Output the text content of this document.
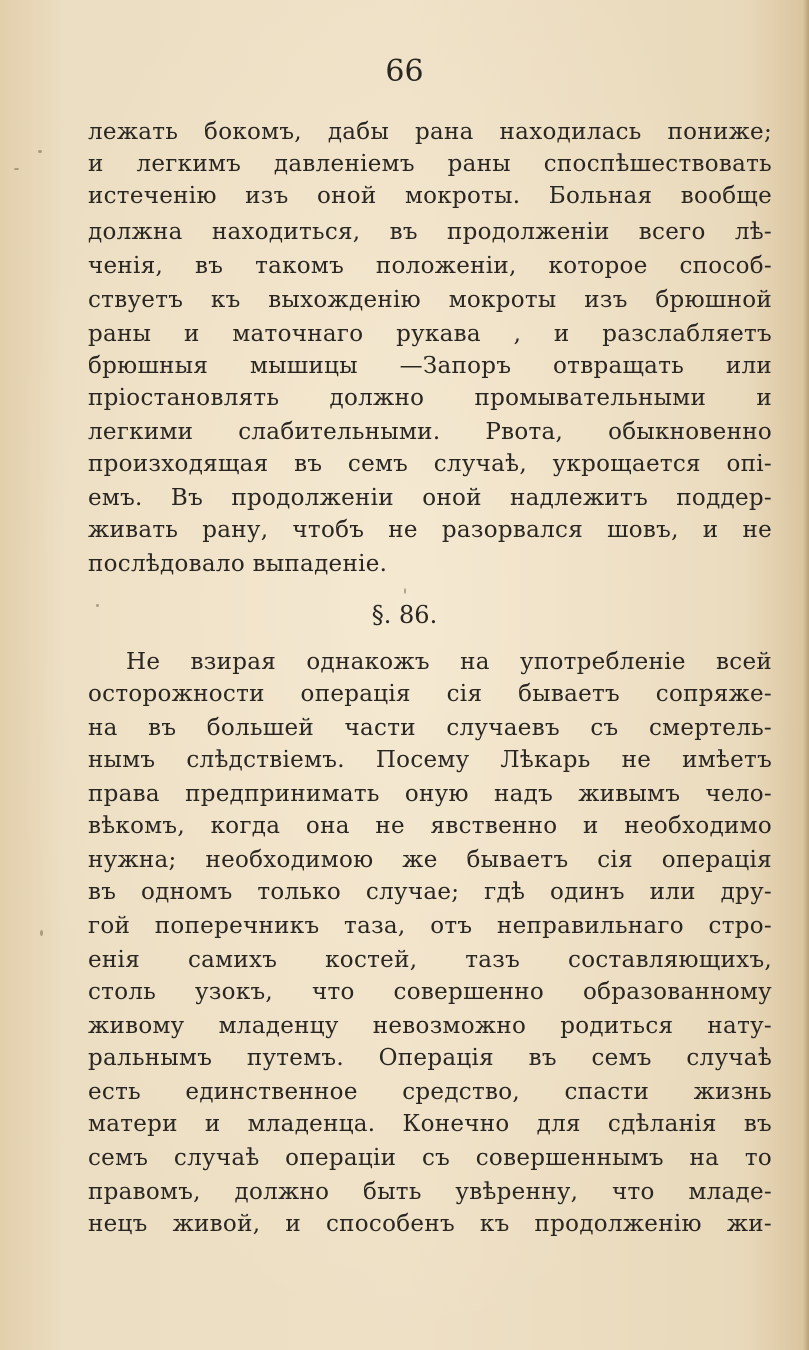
66
лежать бокомъ, дабы рана находилась пониже;
и легкимъ давленіемъ раны споспѣшествовать
истеченію изъ оной мокроты. Больная вообще
должна находиться, въ продолженіи всего лѣ-
ченія, въ такомъ положеніи, которое способ-
ствуетъ къ выхожденію мокроты изъ брюшной
раны и маточнаго рукава , и разслабляетъ
брюшныя мышицы —Запоръ отвращать или
пріостановлять должно промывательными и
легкими слабительными. Рвота, обыкновенно
произходящая въ семъ случаѣ, укрощается опі-
емъ. Въ продолженіи оной надлежитъ поддер-
живать рану, чтобъ не разорвался шовъ, и не
послѣдовало выпаденіе.
§. 86.
Не взирая однакожъ на употребленіе всей
осторожности операція сія бываетъ сопряже-
на въ большей части случаевъ съ смертель-
нымъ слѣдствіемъ. Посему Лѣкарь не имѣетъ
права предпринимать оную надъ живымъ чело-
вѣкомъ, когда она не явственно и необходимо
нужна; необходимою же бываетъ сія операція
въ одномъ только случае; гдѣ одинъ или дру-
гой поперечникъ таза, отъ неправильнаго стро-
енія самихъ костей, тазъ составляющихъ,
столь узокъ, что совершенно образованному
живому младенцу невозможно родиться нату-
ральнымъ путемъ. Операція въ семъ случаѣ
есть единственное средство, спасти жизнь
матери и младенца. Конечно для сдѣланія въ
семъ случаѣ операціи съ совершеннымъ на то
правомъ, должно быть увѣренну, что младе-
нецъ живой, и способенъ къ продолженію жи-
